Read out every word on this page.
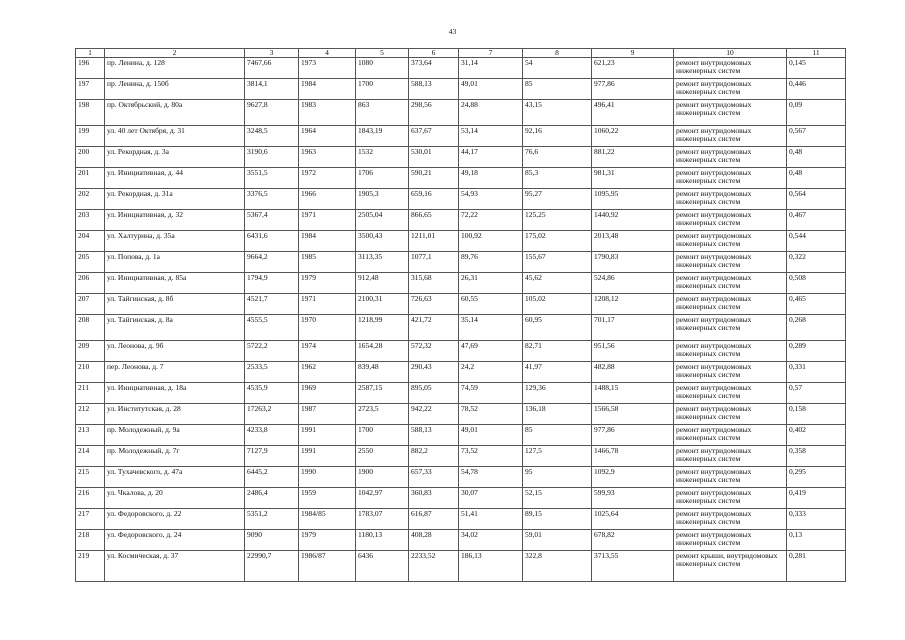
43
1	2	3	4	5	6	7	8	9	10	11
196	пр. Ленина, д. 128	7467,66	1973	1080	373,64	31,14	54	621,23	ремонт внутридомовых инженерных систем	0,145
197	пр. Ленина, д. 150б	3814,1	1984	1700	588,13	49,01	85	977,86	ремонт внутридомовых инженерных систем	0,446
198	пр. Октябрьский, д. 80а	9627,8	1983	863	298,56	24,88	43,15	496,41	ремонт внутридомовых инженерных систем	0,09
199	ул. 40 лет Октября, д. 31	3248,5	1964	1843,19	637,67	53,14	92,16	1060,22	ремонт внутридомовых инженерных систем	0,567
200	ул. Рекордная, д. 3а	3190,6	1963	1532	530,01	44,17	76,6	881,22	ремонт внутридомовых инженерных систем	0,48
201	ул. Инициативная, д. 44	3551,5	1972	1706	590,21	49,18	85,3	981,31	ремонт внутридомовых инженерных систем	0,48
202	ул. Рекордная, д. 31а	3376,5	1966	1905,3	659,16	54,93	95,27	1095,95	ремонт внутридомовых инженерных систем	0,564
203	ул. Инициативная, д. 32	5367,4	1971	2505,04	866,65	72,22	125,25	1440,92	ремонт внутридомовых инженерных систем	0,467
204	ул. Халтурина, д. 35а	6431,6	1984	3500,43	1211,01	100,92	175,02	2013,48	ремонт внутридомовых инженерных систем	0,544
205	ул. Попова, д. 1а	9664,2	1985	3113,35	1077,1	89,76	155,67	1790,83	ремонт внутридомовых инженерных систем	0,322
206	ул. Инициативная, д. 85а	1794,9	1979	912,48	315,68	26,31	45,62	524,86	ремонт внутридомовых инженерных систем	0,508
207	ул. Тайгинская, д. 8б	4521,7	1971	2100,31	726,63	60,55	105,02	1208,12	ремонт внутридомовых инженерных систем	0,465
208	ул. Тайгинская, д. 8а	4555,5	1970	1218,99	421,72	35,14	60,95	701,17	ремонт внутридомовых инженерных систем	0,268
209	ул. Леонова, д. 9б	5722,2	1974	1654,28	572,32	47,69	82,71	951,56	ремонт внутридомовых инженерных систем	0,289
210	пер. Леонова, д. 7	2533,5	1962	839,48	290,43	24,2	41,97	482,88	ремонт внутридомовых инженерных систем	0,331
211	ул. Инициативная, д. 18а	4535,9	1969	2587,15	895,05	74,59	129,36	1488,15	ремонт внутридомовых инженерных систем	0,57
212	ул. Институтская, д. 28	17263,2	1987	2723,5	942,22	78,52	136,18	1566,58	ремонт внутридомовых инженерных систем	0,158
213	пр. Молодежный, д. 9а	4233,8	1991	1700	588,13	49,01	85	977,86	ремонт внутридомовых инженерных систем	0,402
214	пр. Молодежный, д. 7г	7127,9	1991	2550	882,2	73,52	127,5	1466,78	ремонт внутридомовых инженерных систем	0,358
215	ул. Тухачевского, д. 47а	6445,2	1990	1900	657,33	54,78	95	1092,9	ремонт внутридомовых инженерных систем	0,295
216	ул. Чкалова, д. 20	2486,4	1959	1042,97	360,83	30,07	52,15	599,93	ремонт внутридомовых инженерных систем	0,419
217	ул. Федоровского, д. 22	5351,2	1984/85	1783,07	616,87	51,41	89,15	1025,64	ремонт внутридомовых инженерных систем	0,333
218	ул. Федоровского, д. 24	9090	1979	1180,13	408,28	34,02	59,01	678,82	ремонт внутридомовых инженерных систем	0,13
219	ул. Космическая, д. 37	22990,7	1986/87	6436	2233,52	186,13	322,8	3713,55	ремонт крыши, внутридомовых инженерных систем	0,281
